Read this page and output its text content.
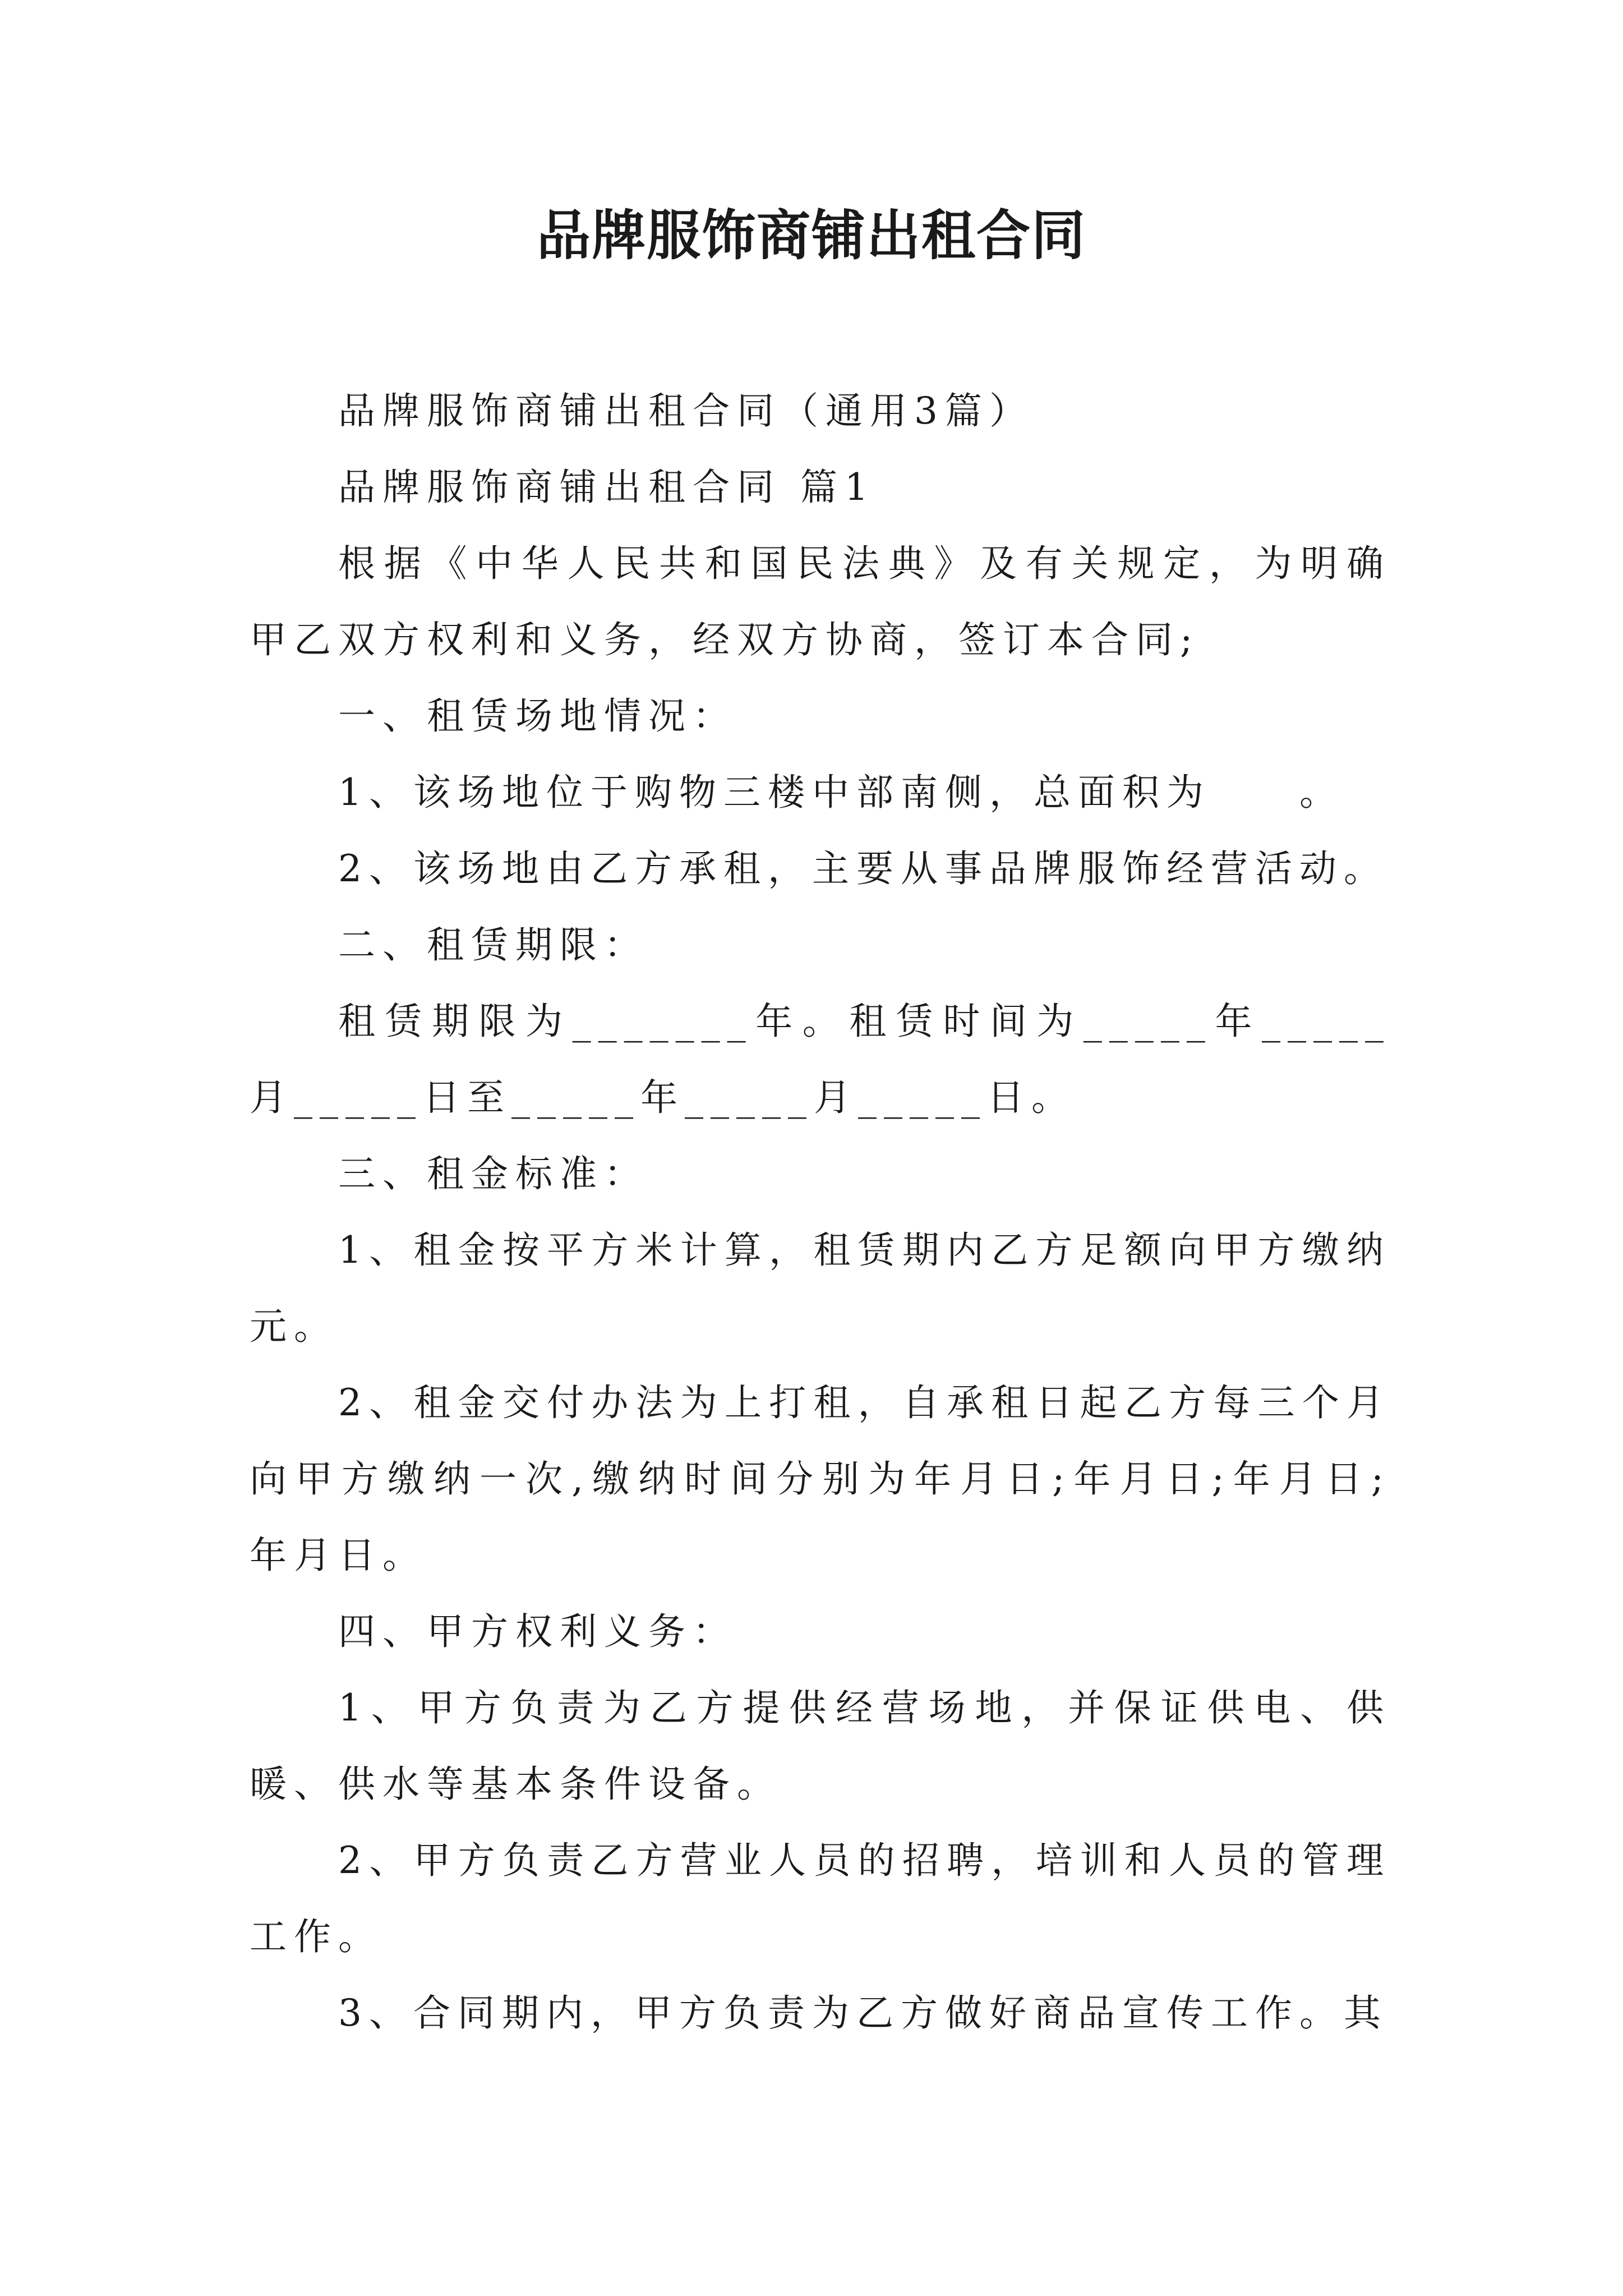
品牌服饰商铺出租合同

品牌服饰商铺出租合同（通用3篇）

品牌服饰商铺出租合同 篇1

根据《中华人民共和国民法典》及有关规定，为明确甲乙双方权利和义务，经双方协商，签订本合同;

一、租赁场地情况：

1、该场地位于购物三楼中部南侧，总面积为　　。

2、该场地由乙方承租，主要从事品牌服饰经营活动。

二、租赁期限：

租赁期限为_______年。租赁时间为_____年_____月_____日至_____年_____月_____日。

三、租金标准：

1、租金按平方米计算，租赁期内乙方足额向甲方缴纳元。

2、租金交付办法为上打租，自承租日起乙方每三个月向甲方缴纳一次,缴纳时间分别为年月日;年月日;年月日;年月日。

四、甲方权利义务：

1、甲方负责为乙方提供经营场地，并保证供电、供暖、供水等基本条件设备。

2、甲方负责乙方营业人员的招聘，培训和人员的管理工作。

3、合同期内，甲方负责为乙方做好商品宣传工作。其
